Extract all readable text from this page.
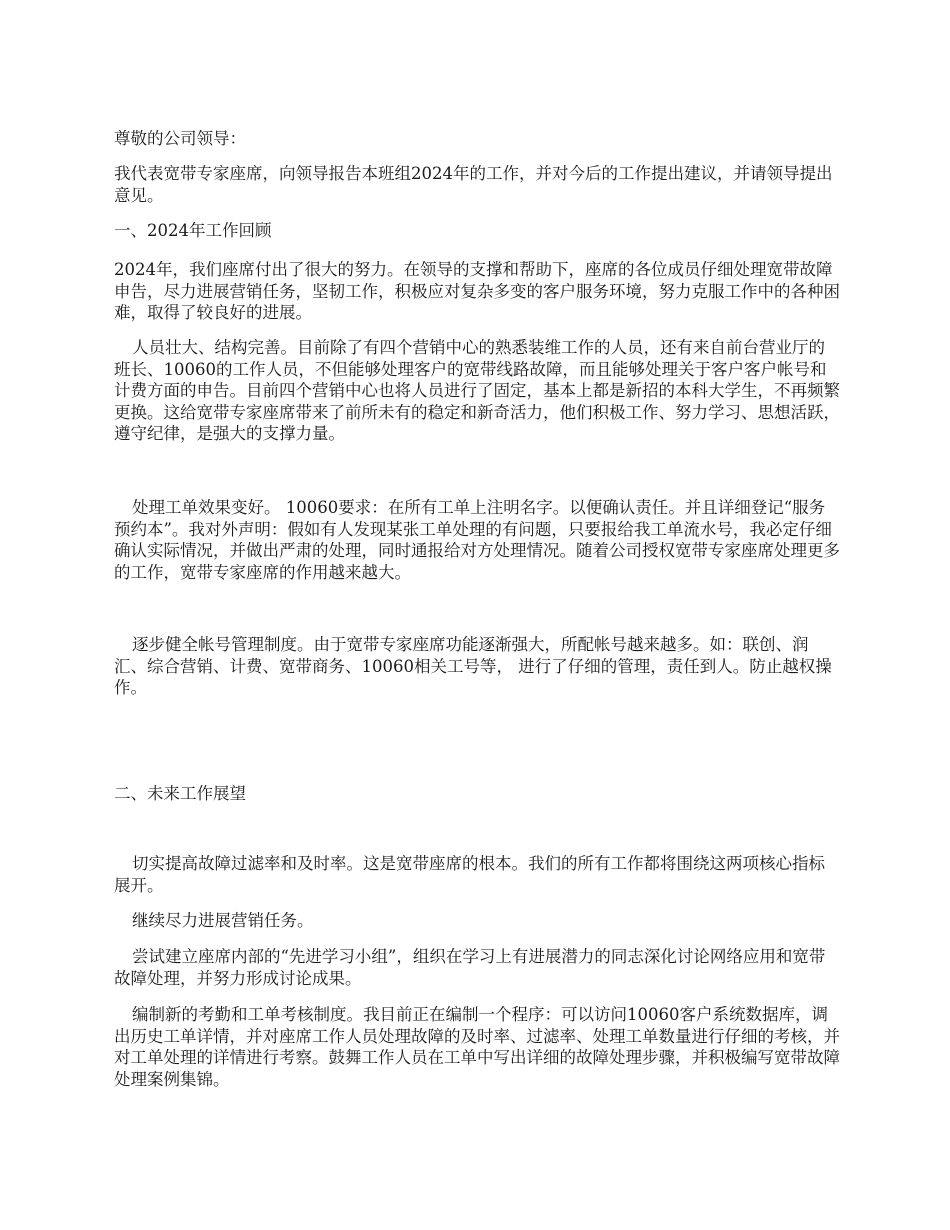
尊敬的公司领导：

我代表宽带专家座席，向领导报告本班组2024年的工作，并对今后的工作提出建议，并请领导提出意见。

一、2024年工作回顾

2024年，我们座席付出了很大的努力。在领导的支撑和帮助下，座席的各位成员仔细处理宽带故障申告，尽力进展营销任务，坚韧工作，积极应对复杂多变的客户服务环境，努力克服工作中的各种困难，取得了较良好的进展。

人员壮大、结构完善。目前除了有四个营销中心的熟悉装维工作的人员，还有来自前台营业厅的班长、10060的工作人员，不但能够处理客户的宽带线路故障，而且能够处理关于客户客户帐号和计费方面的申告。目前四个营销中心也将人员进行了固定，基本上都是新招的本科大学生，不再频繁更换。这给宽带专家座席带来了前所未有的稳定和新奇活力，他们积极工作、努力学习、思想活跃，遵守纪律，是强大的支撑力量。

处理工单效果变好。 10060要求：在所有工单上注明名字。以便确认责任。并且详细登记“服务预约本”。我对外声明：假如有人发现某张工单处理的有问题，只要报给我工单流水号，我必定仔细确认实际情况，并做出严肃的处理，同时通报给对方处理情况。随着公司授权宽带专家座席处理更多的工作，宽带专家座席的作用越来越大。

逐步健全帐号管理制度。由于宽带专家座席功能逐渐强大，所配帐号越来越多。如：联创、润汇、综合营销、计费、宽带商务、10060相关工号等， 进行了仔细的管理，责任到人。防止越权操作。

二、未来工作展望

切实提高故障过滤率和及时率。这是宽带座席的根本。我们的所有工作都将围绕这两项核心指标展开。

继续尽力进展营销任务。

尝试建立座席内部的“先进学习小组”，组织在学习上有进展潜力的同志深化讨论网络应用和宽带故障处理，并努力形成讨论成果。

编制新的考勤和工单考核制度。我目前正在编制一个程序：可以访问10060客户系统数据库，调出历史工单详情，并对座席工作人员处理故障的及时率、过滤率、处理工单数量进行仔细的考核，并对工单处理的详情进行考察。鼓舞工作人员在工单中写出详细的故障处理步骤，并积极编写宽带故障处理案例集锦。
